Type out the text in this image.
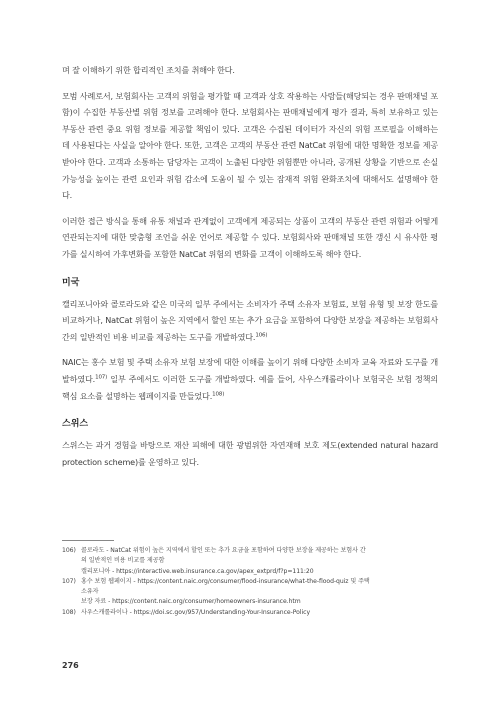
며 잘 이해하기 위한 합리적인 조치를 취해야 한다.

모범 사례로서, 보험회사는 고객의 위험을 평가할 때 고객과 상호 작용하는 사람들(해당되는 경우 판매채널 포함)이 수집한 부동산별 위험 정보를 고려해야 한다. 보험회사는 판매채널에게 평가 결과, 특히 보유하고 있는 부동산 관련 중요 위험 정보를 제공할 책임이 있다. 고객은 수집된 데이터가 자신의 위험 프로필을 이해하는 데 사용된다는 사실을 알아야 한다. 또한, 고객은 고객의 부동산 관련 NatCat 위험에 대한 명확한 정보를 제공받아야 한다. 고객과 소통하는 담당자는 고객이 노출된 다양한 위험뿐만 아니라, 공개된 상황을 기반으로 손실 가능성을 높이는 관련 요인과 위험 감소에 도움이 될 수 있는 잠재적 위험 완화조치에 대해서도 설명해야 한다.

이러한 접근 방식을 통해 유통 채널과 관계없이 고객에게 제공되는 상품이 고객의 부동산 관련 위험과 어떻게 연관되는지에 대한 맞춤형 조언을 쉬운 언어로 제공할 수 있다. 보험회사와 판매채널 또한 갱신 시 유사한 평가를 실시하여 가후변화를 포함한 NatCat 위험의 변화를 고객이 이해하도록 해야 한다.

미국

캘리포니아와 콜로라도와 같은 미국의 일부 주에서는 소비자가 주택 소유자 보험료, 보험 유형 및 보장 한도를 비교하거나, NatCat 위험이 높은 지역에서 할인 또는 추가 요금을 포함하여 다양한 보장을 제공하는 보험회사 간의 일반적인 비용 비교를 제공하는 도구를 개발하였다.$^{106)}$

NAIC는 홍수 보험 및 주택 소유자 보험 보장에 대한 이해를 높이기 위해 다양한 소비자 교육 자료와 도구를 개발하였다.$^{107)}$ 일부 주에서도 이러한 도구를 개발하였다. 예를 들어, 사우스캐롤라이나 보험국은 보험 정책의 핵심 요소를 설명하는 웹페이지를 만들었다.$^{108)}$

스위스

스위스는 과거 경험을 바탕으로 재산 피해에 대한 광범위한 자연재해 보호 제도(extended natural hazard protection scheme)를 운영하고 있다.

106) 콜로라도 - NatCat 위험이 높은 지역에서 할인 또는 추가 요금을 포함하여 다양한 보장을 제공하는 보험사 간

의 일반적인 비용 비교를 제공함

캘리포니아 - https://interactive.web.insurance.ca.gov/apex_extprd/f?p=111:20

107) 홍수 보험 웹페이지 - https://content.naic.org/consumer/flood-insurance/what-the-flood-quiz 및 주택

소유자

보장 자료 - https://content.naic.org/consumer/homeowners-insurance.htm

108) 사우스캐롤라이나 - https://doi.sc.gov/957/Understanding-Your-Insurance-Policy

276
